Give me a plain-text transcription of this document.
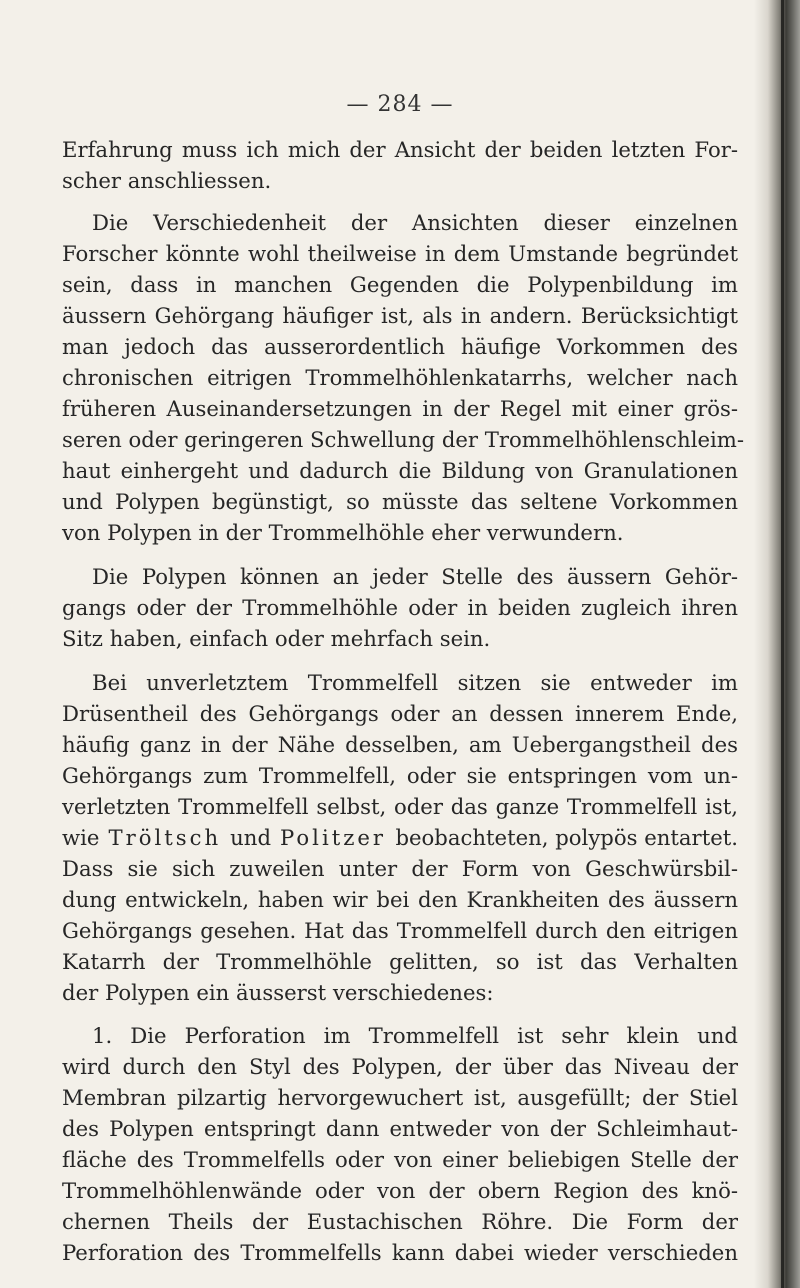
— 284 —
Erfahrung muss ich mich der Ansicht der beiden letzten For-
scher anschliessen.
Die Verschiedenheit der Ansichten dieser einzelnen
Forscher könnte wohl theilweise in dem Umstande begründet
sein, dass in manchen Gegenden die Polypenbildung im
äussern Gehörgang häufiger ist, als in andern. Berücksichtigt
man jedoch das ausserordentlich häufige Vorkommen des
chronischen eitrigen Trommelhöhlenkatarrhs, welcher nach
früheren Auseinandersetzungen in der Regel mit einer grös-
seren oder geringeren Schwellung der Trommelhöhlenschleim-
haut einhergeht und dadurch die Bildung von Granulationen
und Polypen begünstigt, so müsste das seltene Vorkommen
von Polypen in der Trommelhöhle eher verwundern.
Die Polypen können an jeder Stelle des äussern Gehör-
gangs oder der Trommelhöhle oder in beiden zugleich ihren
Sitz haben, einfach oder mehrfach sein.
Bei unverletztem Trommelfell sitzen sie entweder im
Drüsentheil des Gehörgangs oder an dessen innerem Ende,
häufig ganz in der Nähe desselben, am Uebergangstheil des
Gehörgangs zum Trommelfell, oder sie entspringen vom un-
verletzten Trommelfell selbst, oder das ganze Trommelfell ist,
wie Tröltsch und Politzer beobachteten, polypös entartet.
Dass sie sich zuweilen unter der Form von Geschwürsbil-
dung entwickeln, haben wir bei den Krankheiten des äussern
Gehörgangs gesehen. Hat das Trommelfell durch den eitrigen
Katarrh der Trommelhöhle gelitten, so ist das Verhalten
der Polypen ein äusserst verschiedenes:
1. Die Perforation im Trommelfell ist sehr klein und
wird durch den Styl des Polypen, der über das Niveau der
Membran pilzartig hervorgewuchert ist, ausgefüllt; der Stiel
des Polypen entspringt dann entweder von der Schleimhaut-
fläche des Trommelfells oder von einer beliebigen Stelle der
Trommelhöhlenwände oder von der obern Region des knö-
chernen Theils der Eustachischen Röhre. Die Form der
Perforation des Trommelfells kann dabei wieder verschieden
